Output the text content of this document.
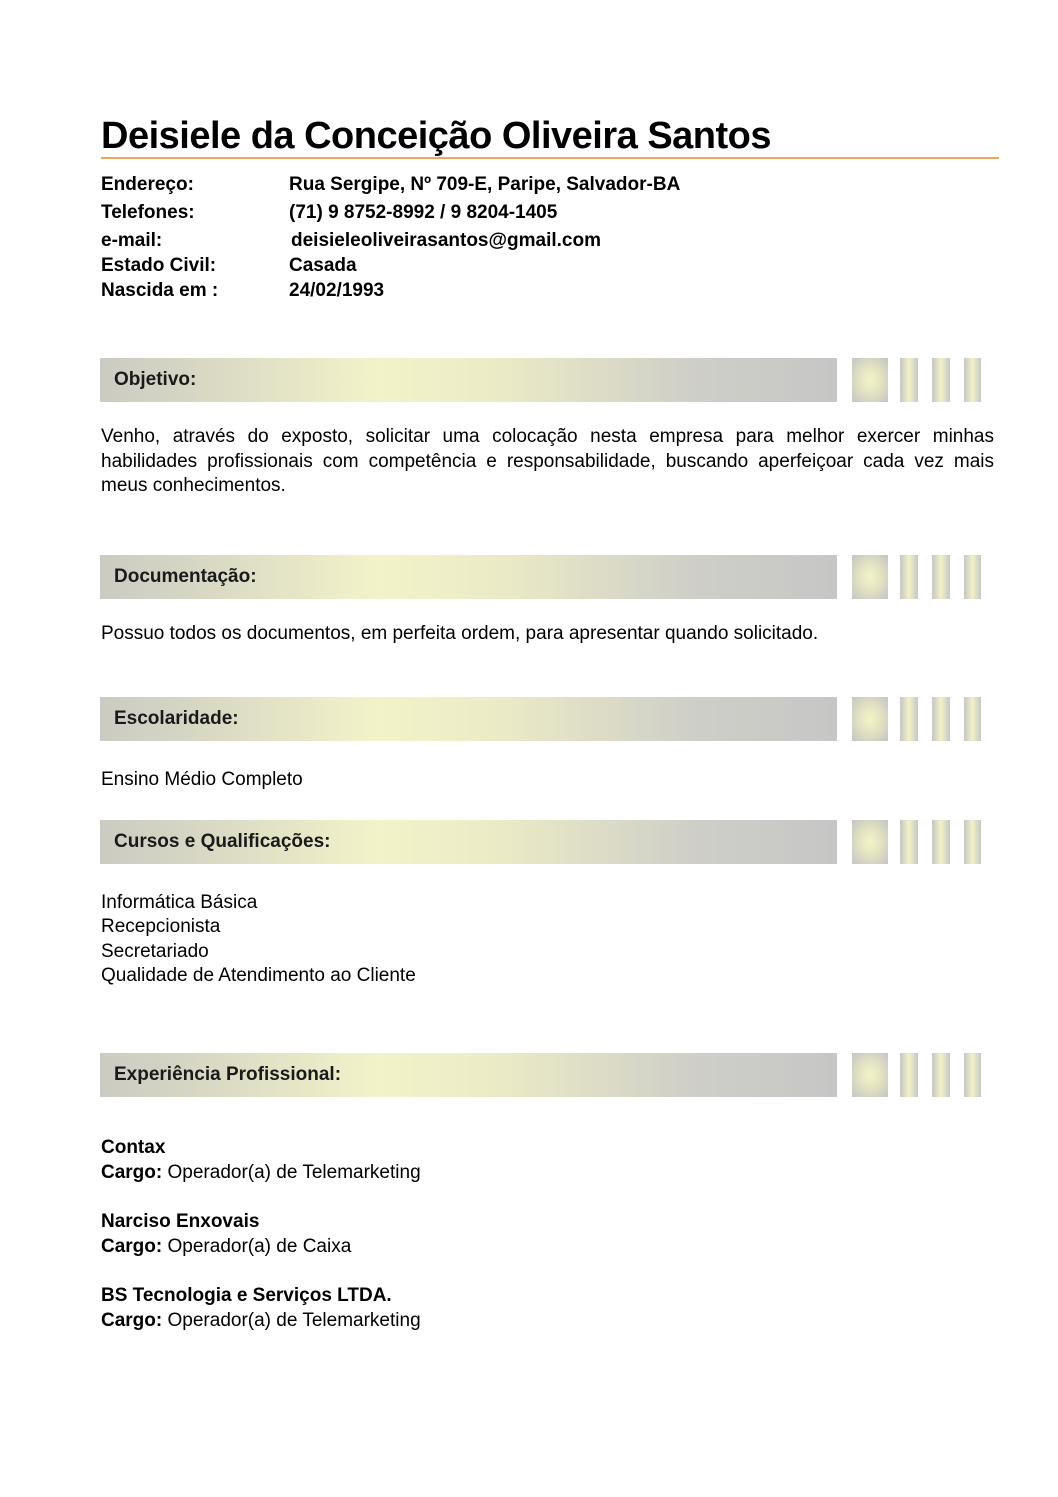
Deisiele da Conceição Oliveira Santos
Endereço:	Rua Sergipe, Nº 709-E, Paripe, Salvador-BA
Telefones:	(71) 9 8752-8992 / 9 8204-1405
e-mail:	deisieleoliveirasantos@gmail.com
Estado Civil:	Casada
Nascida em :	24/02/1993
Objetivo:
Venho, através do exposto, solicitar uma colocação nesta empresa para melhor exercer minhas habilidades profissionais com competência e responsabilidade, buscando aperfeiçoar cada vez mais meus conhecimentos.
Documentação:
Possuo todos os documentos, em perfeita ordem, para apresentar quando solicitado.
Escolaridade:
Ensino Médio Completo
Cursos e Qualificações:
Informática Básica
Recepcionista
Secretariado
Qualidade de Atendimento ao Cliente
Experiência Profissional:
Contax
Cargo: Operador(a) de Telemarketing
Narciso Enxovais
Cargo: Operador(a) de Caixa
BS Tecnologia e Serviços LTDA.
Cargo: Operador(a) de Telemarketing
